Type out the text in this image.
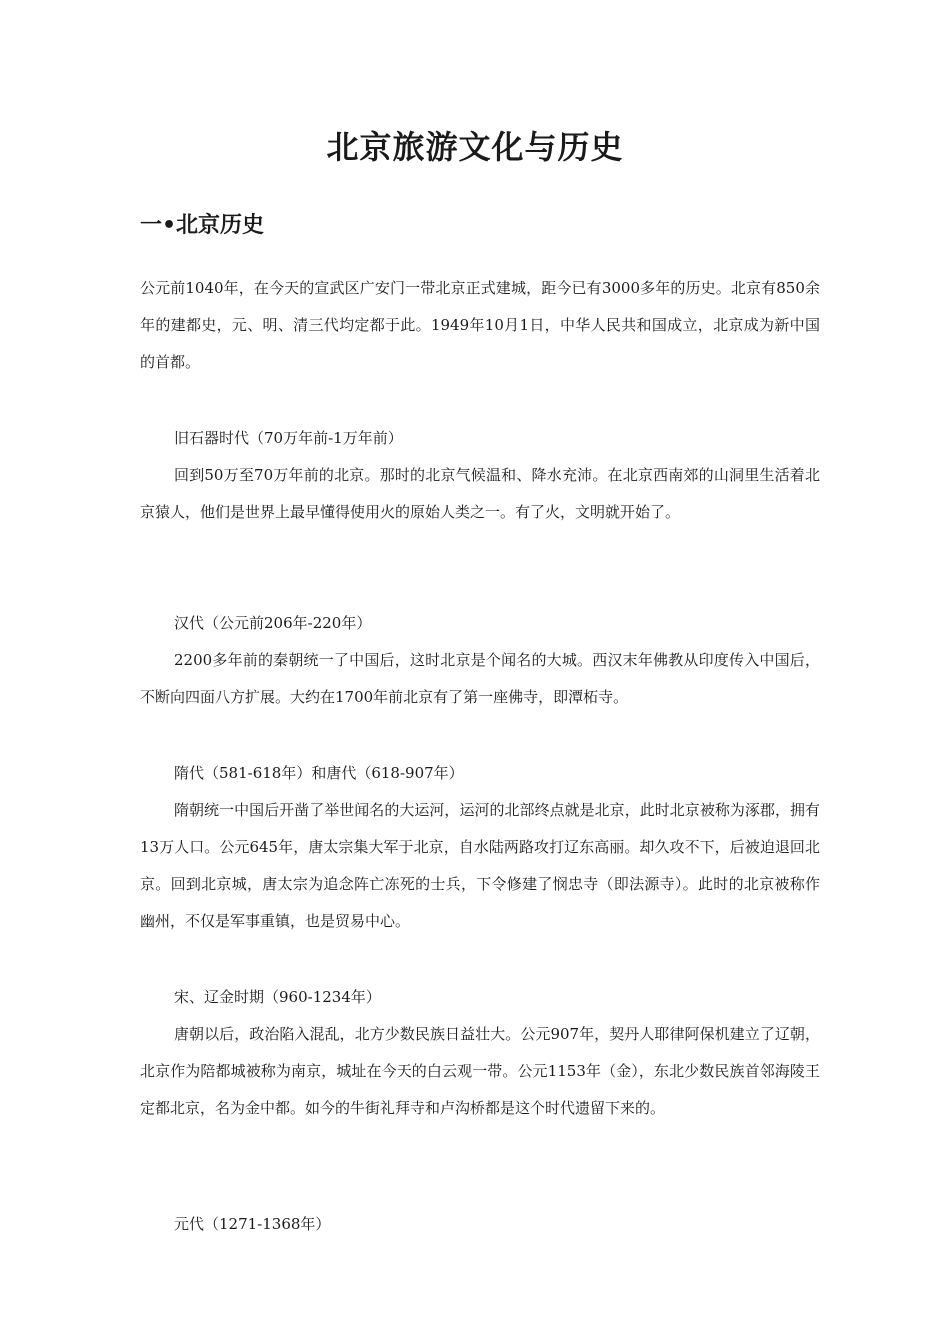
北京旅游文化与历史
一•北京历史

公元前1040年，在今天的宣武区广安门一带北京正式建城，距今已有3000多年的历史。北京有850余年的建都史，元、明、清三代均定都于此。1949年10月1日，中华人民共和国成立，北京成为新中国的首都。

旧石器时代（70万年前-1万年前）

回到50万至70万年前的北京。那时的北京气候温和、降水充沛。在北京西南郊的山洞里生活着北京猿人，他们是世界上最早懂得使用火的原始人类之一。有了火，文明就开始了。

汉代（公元前206年-220年）

2200多年前的秦朝统一了中国后，这时北京是个闻名的大城。西汉末年佛教从印度传入中国后，不断向四面八方扩展。大约在1700年前北京有了第一座佛寺，即潭柘寺。

隋代（581-618年）和唐代（618-907年）

隋朝统一中国后开凿了举世闻名的大运河，运河的北部终点就是北京，此时北京被称为涿郡，拥有13万人口。公元645年，唐太宗集大军于北京，自水陆两路攻打辽东高丽。却久攻不下，后被迫退回北京。回到北京城，唐太宗为追念阵亡冻死的士兵，下令修建了悯忠寺（即法源寺）。此时的北京被称作幽州，不仅是军事重镇，也是贸易中心。

宋、辽金时期（960-1234年）

唐朝以后，政治陷入混乱，北方少数民族日益壮大。公元907年，契丹人耶律阿保机建立了辽朝，北京作为陪都城被称为南京，城址在今天的白云观一带。公元1153年（金），东北少数民族首邻海陵王定都北京，名为金中都。如今的牛街礼拜寺和卢沟桥都是这个时代遗留下来的。

元代（1271-1368年）
